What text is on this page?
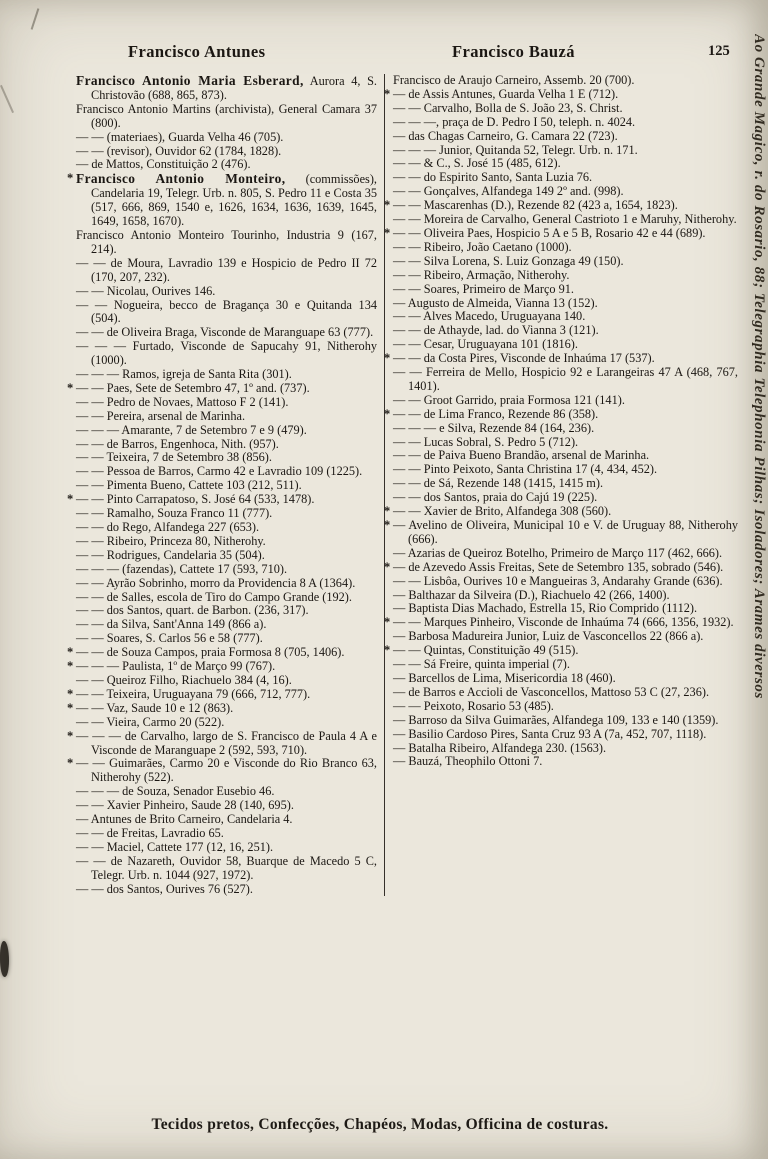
Francisco Antunes	Francisco Bauzá	125
Francisco Antonio Maria Esberard, Aurora 4, S. Christovão (688, 865, 873).
Francisco Antonio Martins (archivista), General Camara 37 (800).
— — (materiaes), Guarda Velha 46 (705).
— — (revisor), Ouvidor 62 (1784, 1828).
— de Mattos, Constituição 2 (476).
* Francisco Antonio Monteiro, (commissões), Candelaria 19, Telegr. Urb. n. 805, S. Pedro 11 e Costa 35 (517, 666, 869, 1540 e, 1626, 1634, 1636, 1639, 1645, 1649, 1658, 1670).
Francisco Antonio Monteiro Tourinho, Industria 9 (167, 214).
— — de Moura, Lavradio 139 e Hospicio de Pedro II 72 (170, 207, 232).
— — Nicolau, Ourives 146.
— — Nogueira, becco de Bragança 30 e Quitanda 134 (504).
— — de Oliveira Braga, Visconde de Maranguape 63 (777).
— — — Furtado, Visconde de Sapucahy 91, Nitherohy (1000).
— — — Ramos, igreja de Santa Rita (301).
* — — Paes, Sete de Setembro 47, 1º and. (737).
— — Pedro de Novaes, Mattoso F 2 (141).
— — Pereira, arsenal de Marinha.
— — — Amarante, 7 de Setembro 7 e 9 (479).
— — de Barros, Engenhoca, Nith. (957).
— — Teixeira, 7 de Setembro 38 (856).
— — Pessoa de Barros, Carmo 42 e Lavradio 109 (1225).
— — Pimenta Bueno, Cattete 103 (212, 511).
* — — Pinto Carrapatoso, S. José 64 (533, 1478).
— — Ramalho, Souza Franco 11 (777).
— — do Rego, Alfandega 227 (653).
— — Ribeiro, Princeza 80, Nitherohy.
— — Rodrigues, Candelaria 35 (504).
— — — (fazendas), Cattete 17 (593, 710).
— — Ayrão Sobrinho, morro da Providencia 8 A (1364).
— — de Salles, escola de Tiro do Campo Grande (192).
— — dos Santos, quart. de Barbon. (236, 317).
— — da Silva, Sant'Anna 149 (866 a).
— — Soares, S. Carlos 56 e 58 (777).
* — — de Souza Campos, praia Formosa 8 (705, 1406).
* — — — Paulista, 1º de Março 99 (767).
— — Queiroz Filho, Riachuelo 384 (4, 16).
* — — Teixeira, Uruguayana 79 (666, 712, 777).
* — — Vaz, Saude 10 e 12 (863).
— — Vieira, Carmo 20 (522).
* — — — de Carvalho, largo de S. Francisco de Paula 4 A e Visconde de Maranguape 2 (592, 593, 710).
* — — Guimarães, Carmo 20 e Visconde do Rio Branco 63, Nitherohy (522).
— — — de Souza, Senador Eusebio 46.
— — Xavier Pinheiro, Saude 28 (140, 695).
— Antunes de Brito Carneiro, Candelaria 4.
— — de Freitas, Lavradio 65.
— — Maciel, Cattete 177 (12, 16, 251).
— — de Nazareth, Ouvidor 58, Buarque de Macedo 5 C, Telegr. Urb. n. 1044 (927, 1972).
— — dos Santos, Ourives 76 (527).
Francisco de Araujo Carneiro, Assemb. 20 (700).
* — de Assis Antunes, Guarda Velha 1 E (712).
— — Carvalho, Bolla de S. João 23, S. Christ.
— — —, praça de D. Pedro I 50, teleph. n. 4024.
— das Chagas Carneiro, G. Camara 22 (723).
— — — Junior, Quitanda 52, Telegr. Urb. n. 171.
— — & C., S. José 15 (485, 612).
— — do Espirito Santo, Santa Luzia 76.
— — Gonçalves, Alfandega 149 2º and. (998).
* — — Mascarenhas (D.), Rezende 82 (423 a, 1654, 1823).
— — Moreira de Carvalho, General Castrioto 1 e Maruhy, Nitherohy.
* — — Oliveira Paes, Hospicio 5 A e 5 B, Rosario 42 e 44 (689).
— — Ribeiro, João Caetano (1000).
— — Silva Lorena, S. Luiz Gonzaga 49 (150).
— — Ribeiro, Armação, Nitherohy.
— — Soares, Primeiro de Março 91.
— Augusto de Almeida, Vianna 13 (152).
— — Alves Macedo, Uruguayana 140.
— — de Athayde, lad. do Vianna 3 (121).
— — Cesar, Uruguayana 101 (1816).
* — — da Costa Pires, Visconde de Inhaúma 17 (537).
— — Ferreira de Mello, Hospicio 92 e Larangeiras 47 A (468, 767, 1401).
— — Groot Garrido, praia Formosa 121 (141).
* — — de Lima Franco, Rezende 86 (358).
— — — e Silva, Rezende 84 (164, 236).
— — Lucas Sobral, S. Pedro 5 (712).
— — de Paiva Bueno Brandão, arsenal de Marinha.
— — Pinto Peixoto, Santa Christina 17 (4, 434, 452).
— — de Sá, Rezende 148 (1415, 1415 m).
— — dos Santos, praia do Cajú 19 (225).
* — — Xavier de Brito, Alfandega 308 (560).
* — Avelino de Oliveira, Municipal 10 e V. de Uruguay 88, Nitherohy (666).
— Azarias de Queiroz Botelho, Primeiro de Março 117 (462, 666).
* — de Azevedo Assis Freitas, Sete de Setembro 135, sobrado (546).
— — Lisbôa, Ourives 10 e Mangueiras 3, Andarahy Grande (636).
— Balthazar da Silveira (D.), Riachuelo 42 (266, 1400).
— Baptista Dias Machado, Estrella 15, Rio Comprido (1112).
* — — Marques Pinheiro, Visconde de Inhaúma 74 (666, 1356, 1932).
— Barbosa Madureira Junior, Luiz de Vasconcellos 22 (866 a).
* — — Quintas, Constituição 49 (515).
— — Sá Freire, quinta imperial (7).
— Barcellos de Lima, Misericordia 18 (460).
— de Barros e Accioli de Vasconcellos, Mattoso 53 C (27, 236).
— — Peixoto, Rosario 53 (485).
— Barroso da Silva Guimarães, Alfandega 109, 133 e 140 (1359).
— Basilio Cardoso Pires, Santa Cruz 93 A (7a, 452, 707, 1118).
— Batalha Ribeiro, Alfandega 230. (1563).
— Bauzá, Theophilo Ottoni 7.
Tecidos pretos, Confecções, Chapéos, Modas, Officina de costuras.
Ao Grande Magico, r. do Rosario, 88; Telegraphia Telephonia Pilhas; Isoladores; Arames diversos
